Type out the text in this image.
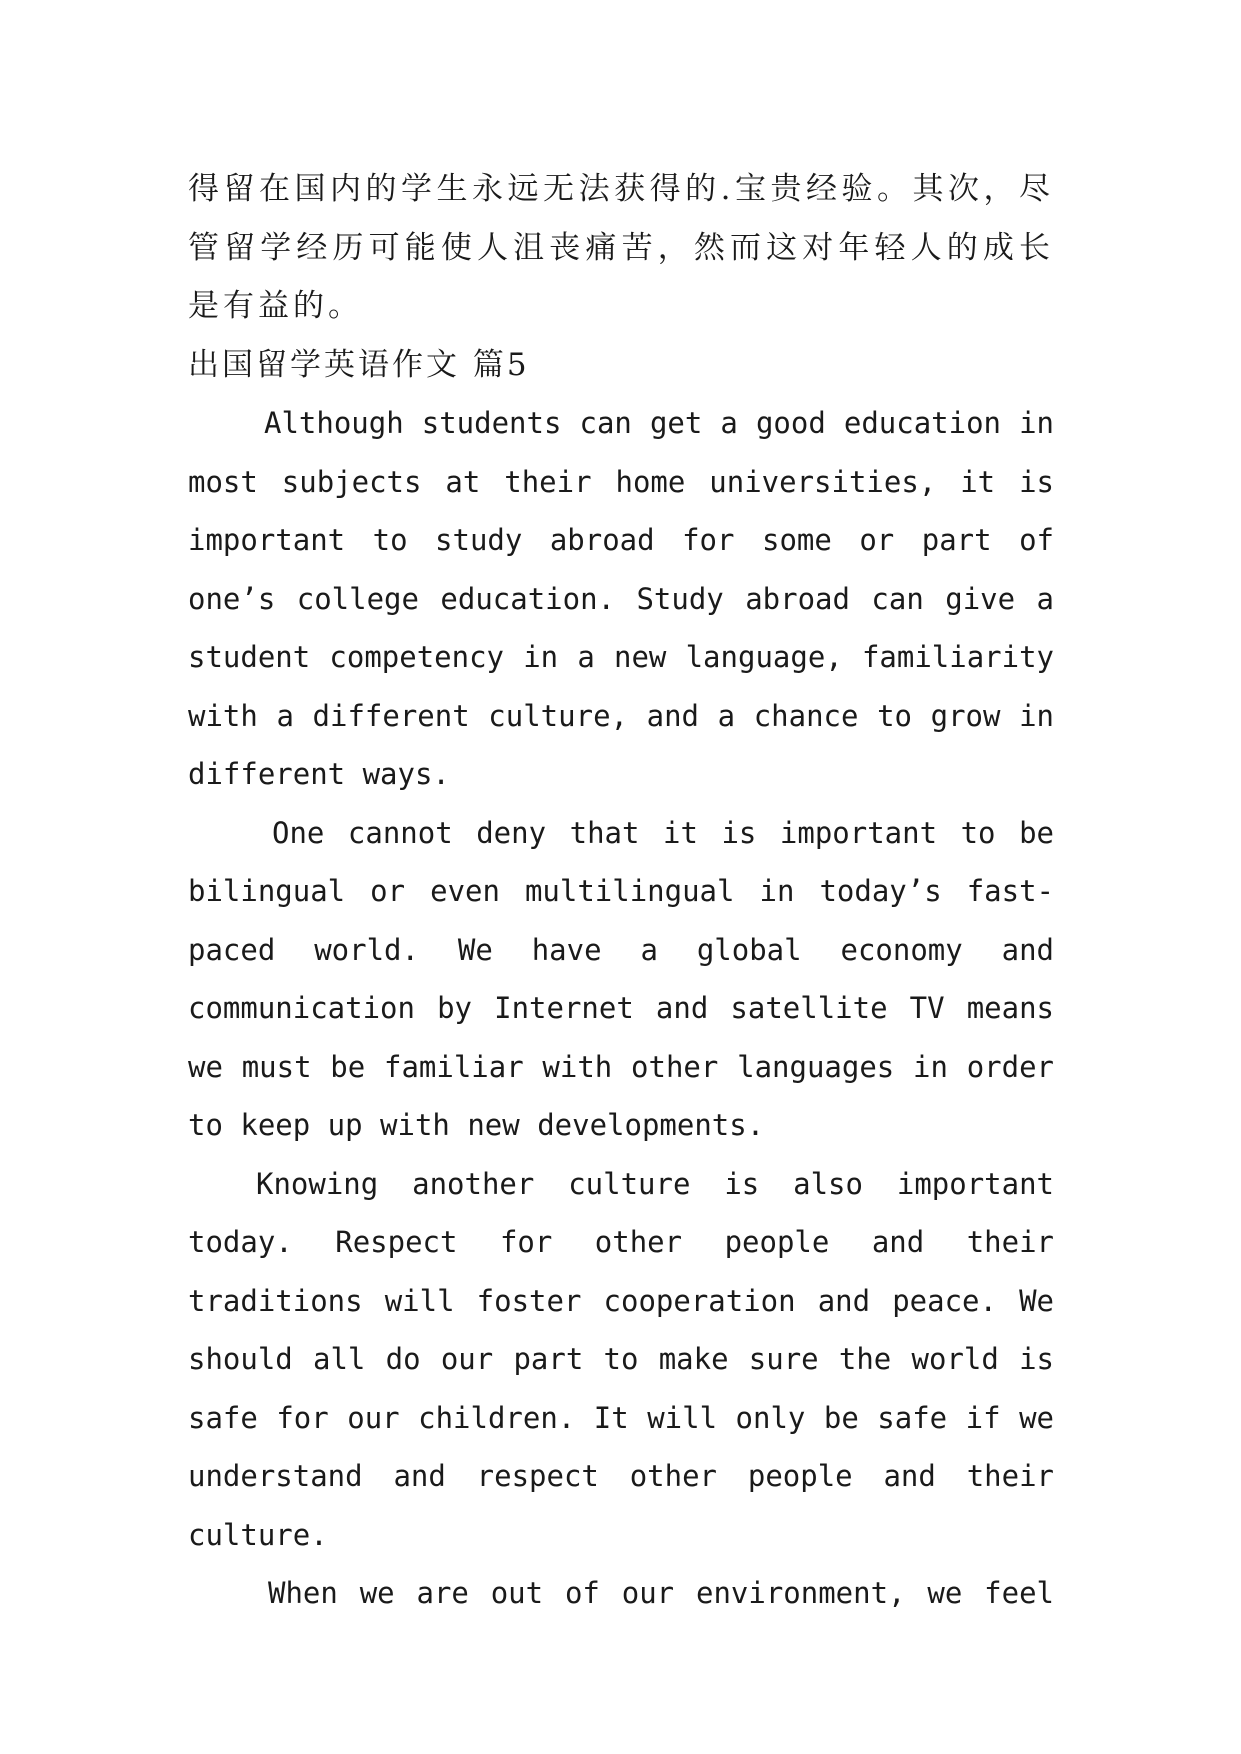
得留在国内的学生永远无法获得的.宝贵经验。其次，尽管留学经历可能使人沮丧痛苦，然而这对年轻人的成长是有益的。

出国留学英语作文 篇5

Although students can get a good education in most subjects at their home universities, it is important to study abroad for some or part of one’s college education. Study abroad can give a student competency in a new language, familiarity with a different culture, and a chance to grow in different ways.

One cannot deny that it is important to be bilingual or even multilingual in today’s fast-paced world. We have a global economy and communication by Internet and satellite TV means we must be familiar with other languages in order to keep up with new developments.

Knowing another culture is also important today. Respect for other people and their traditions will foster cooperation and peace. We should all do our part to make sure the world is safe for our children. It will only be safe if we understand and respect other people and their culture.

When we are out of our environment, we feel
